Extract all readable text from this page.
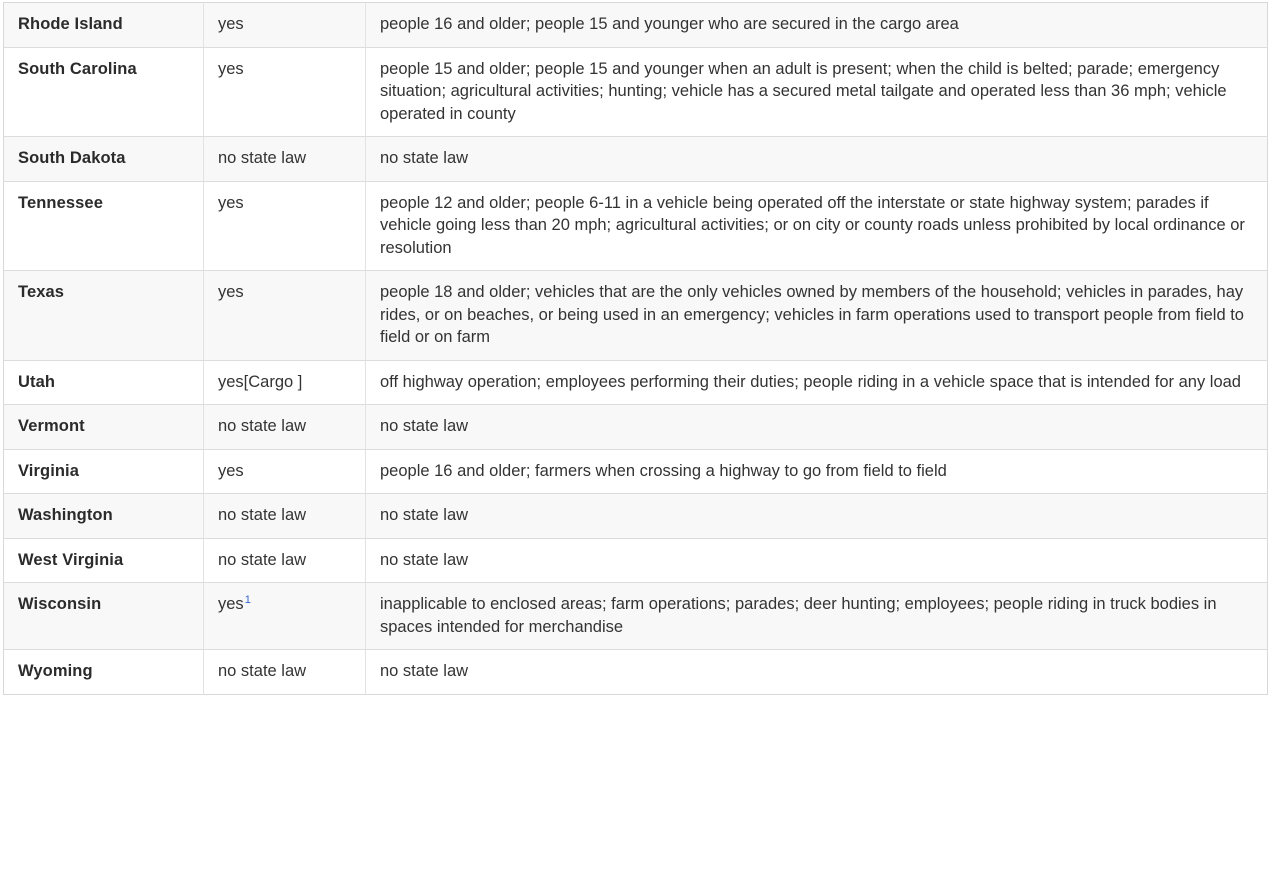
Rhode Island	yes	people 16 and older; people 15 and younger who are secured in the cargo area
South Carolina	yes	people 15 and older; people 15 and younger when an adult is present; when the child is belted; parade; emergency situation; agricultural activities; hunting; vehicle has a secured metal tailgate and operated less than 36 mph; vehicle operated in county
South Dakota	no state law	no state law
Tennessee	yes	people 12 and older; people 6-11 in a vehicle being operated off the interstate or state highway system; parades if vehicle going less than 20 mph; agricultural activities; or on city or county roads unless prohibited by local ordinance or resolution
Texas	yes	people 18 and older; vehicles that are the only vehicles owned by members of the household; vehicles in parades, hay rides, or on beaches, or being used in an emergency; vehicles in farm operations used to transport people from field to field or on farm
Utah	yes[Cargo ]	off highway operation; employees performing their duties; people riding in a vehicle space that is intended for any load
Vermont	no state law	no state law
Virginia	yes	people 16 and older; farmers when crossing a highway to go from field to field
Washington	no state law	no state law
West Virginia	no state law	no state law
Wisconsin	yes$^1$	inapplicable to enclosed areas; farm operations; parades; deer hunting; employees; people riding in truck bodies in spaces intended for merchandise
Wyoming	no state law	no state law
